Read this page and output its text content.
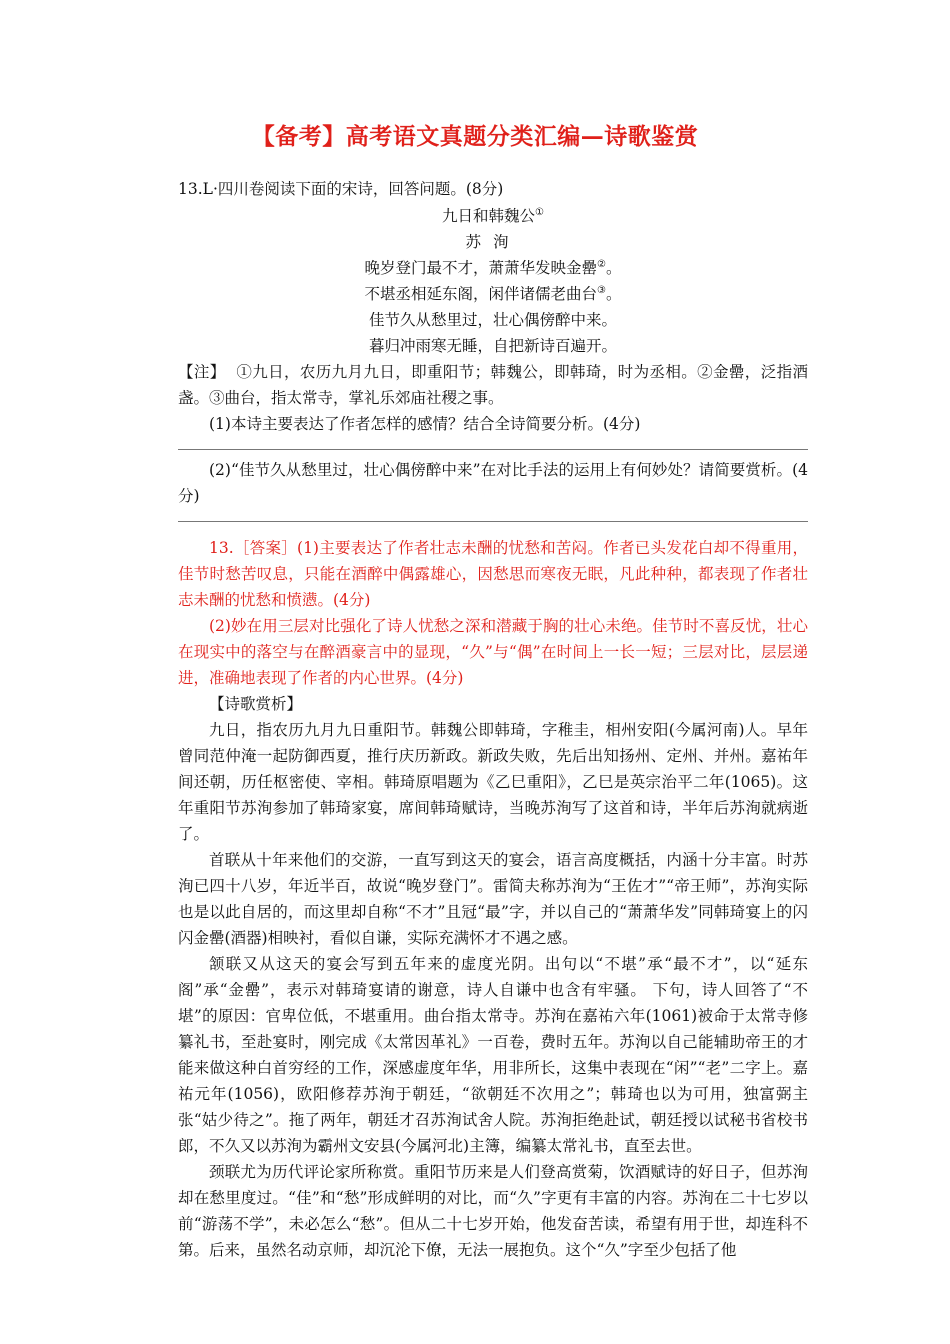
【备考】高考语文真题分类汇编—诗歌鉴赏

13.L·四川卷阅读下面的宋诗，回答问题。(8分)

九日和韩魏公①

苏洵

晚岁登门最不才，萧萧华发映金罍②。

不堪丞相延东阁，闲伴诸儒老曲台③。

佳节久从愁里过，壮心偶傍醉中来。

暮归冲雨寒无睡，自把新诗百遍开。

【注】 ①九日，农历九月九日，即重阳节；韩魏公，即韩琦，时为丞相。②金罍，泛指酒盏。③曲台，指太常寺，掌礼乐郊庙社稷之事。

(1)本诗主要表达了作者怎样的感情？结合全诗简要分析。(4分)

(2)“佳节久从愁里过，壮心偶傍醉中来”在对比手法的运用上有何妙处？请简要赏析。(4分)

13.［答案］(1)主要表达了作者壮志未酬的忧愁和苦闷。作者已头发花白却不得重用，佳节时愁苦叹息，只能在酒醉中偶露雄心，因愁思而寒夜无眠，凡此种种，都表现了作者壮志未酬的忧愁和愤懑。(4分)

(2)妙在用三层对比强化了诗人忧愁之深和潜藏于胸的壮心未绝。佳节时不喜反忧，壮心在现实中的落空与在醉酒豪言中的显现，“久”与“偶”在时间上一长一短；三层对比，层层递进，准确地表现了作者的内心世界。(4分)

【诗歌赏析】

九日，指农历九月九日重阳节。韩魏公即韩琦，字稚圭，相州安阳(今属河南)人。早年曾同范仲淹一起防御西夏，推行庆历新政。新政失败，先后出知扬州、定州、并州。嘉祐年间还朝，历任枢密使、宰相。韩琦原唱题为《乙巳重阳》，乙巳是英宗治平二年(1065)。这年重阳节苏洵参加了韩琦家宴，席间韩琦赋诗，当晚苏洵写了这首和诗，半年后苏洵就病逝了。

首联从十年来他们的交游，一直写到这天的宴会，语言高度概括，内涵十分丰富。时苏洵已四十八岁，年近半百，故说“晚岁登门”。雷简夫称苏洵为“王佐才”“帝王师”，苏洵实际也是以此自居的，而这里却自称“不才”且冠“最”字，并以自己的“萧萧华发”同韩琦宴上的闪闪金罍(酒器)相映衬，看似自谦，实际充满怀才不遇之感。

颔联又从这天的宴会写到五年来的虚度光阴。出句以“不堪”承“最不才”，以“延东阁”承“金罍”，表示对韩琦宴请的谢意，诗人自谦中也含有牢骚。 下句，诗人回答了“不堪”的原因：官卑位低，不堪重用。曲台指太常寺。苏洵在嘉祐六年(1061)被命于太常寺修纂礼书，至赴宴时，刚完成《太常因革礼》一百卷，费时五年。苏洵以自己能辅助帝王的才能来做这种白首穷经的工作，深感虚度年华，用非所长，这集中表现在“闲”“老”二字上。嘉祐元年(1056)，欧阳修荐苏洵于朝廷，“欲朝廷不次用之”；韩琦也以为可用，独富弼主张“姑少待之”。拖了两年，朝廷才召苏洵试舍人院。苏洵拒绝赴试，朝廷授以试秘书省校书郎，不久又以苏洵为霸州文安县(今属河北)主簿，编纂太常礼书，直至去世。

颈联尤为历代评论家所称赏。重阳节历来是人们登高赏菊，饮酒赋诗的好日子，但苏洵却在愁里度过。“佳”和“愁”形成鲜明的对比，而“久”字更有丰富的内容。苏洵在二十七岁以前“游荡不学”，未必怎么“愁”。但从二十七岁开始，他发奋苦读，希望有用于世，却连科不第。后来，虽然名动京师，却沉沦下僚，无法一展抱负。这个“久”字至少包括了他
